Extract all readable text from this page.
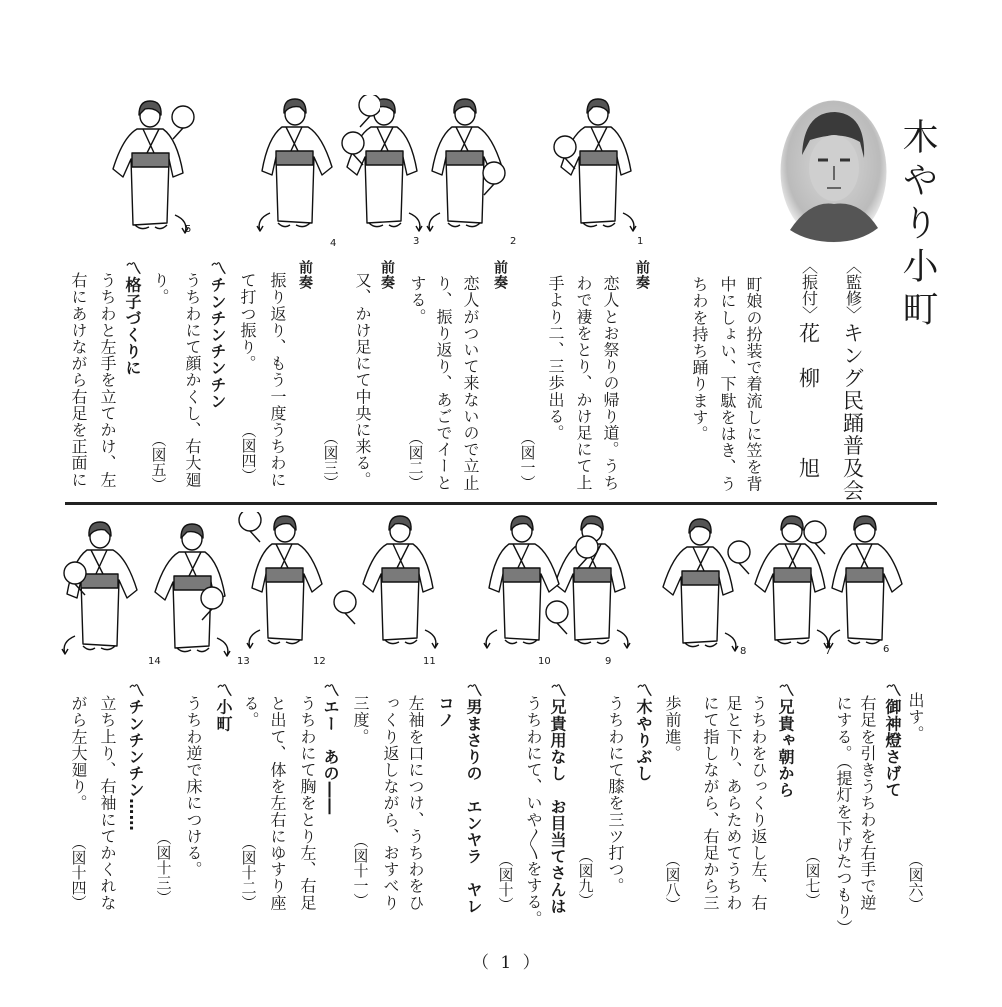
木やり小町
〈監修〉キング民踊普及会
〈振付〉花　柳　　　旭
町娘の扮装で着流しに笠を背
中にしょい、下駄をはき、う
ちわを持ち踊ります。
前奏
恋人とお祭りの帰り道。うち
わで褄をとり、かけ足にて上
手より二、三歩出る。
（図一）
前奏
恋人がついて来ないので立止
り、振り返り、あごでイーと
する。
（図二）
前奏
又、かけ足にて中央に来る。
（図三）
前奏
振り返り、もう一度うちわに
て打つ振り。
（図四）
〽チンチンチンチン
うちわにて顔かくし、右大廻
り。
（図五）
〽格子づくりに
うちわと左手を立てかけ、左
右にあけながら右足を正面に
出す。
（図六）
〽御神燈さげて
右足を引きうちわを右手で逆
にする。（提灯を下げたつもり）
（図七）
〽兄貴ゃ朝から
うちわをひっくり返し左、右
足と下り、あらためてうちわ
にて指しながら、右足から三
歩前進。
（図八）
〽木やりぶし
うちわにて膝を三ツ打つ。
（図九）
〽兄貴用なし　お目当てさんは
うちわにて、いや〳〵をする。
（図十）
〽男まさりの　エンヤラ　ヤレ
コノ
左袖を口につけ、うちわをひ
っくり返しながら、おすべり
三度。
（図十一）
〽エー　あの――
うちわにて胸をとり左、右足
と出て、体を左右にゆすり座
る。
（図十二）
〽小町
うちわ逆で床につける。
（図十三）
〽チンチンチン……
立ち上り、右袖にてかくれな
がら左大廻り。
（図十四）
1
2
3
4
5
6
7
8
9
10
11
12
13
14
（ 1 ）
